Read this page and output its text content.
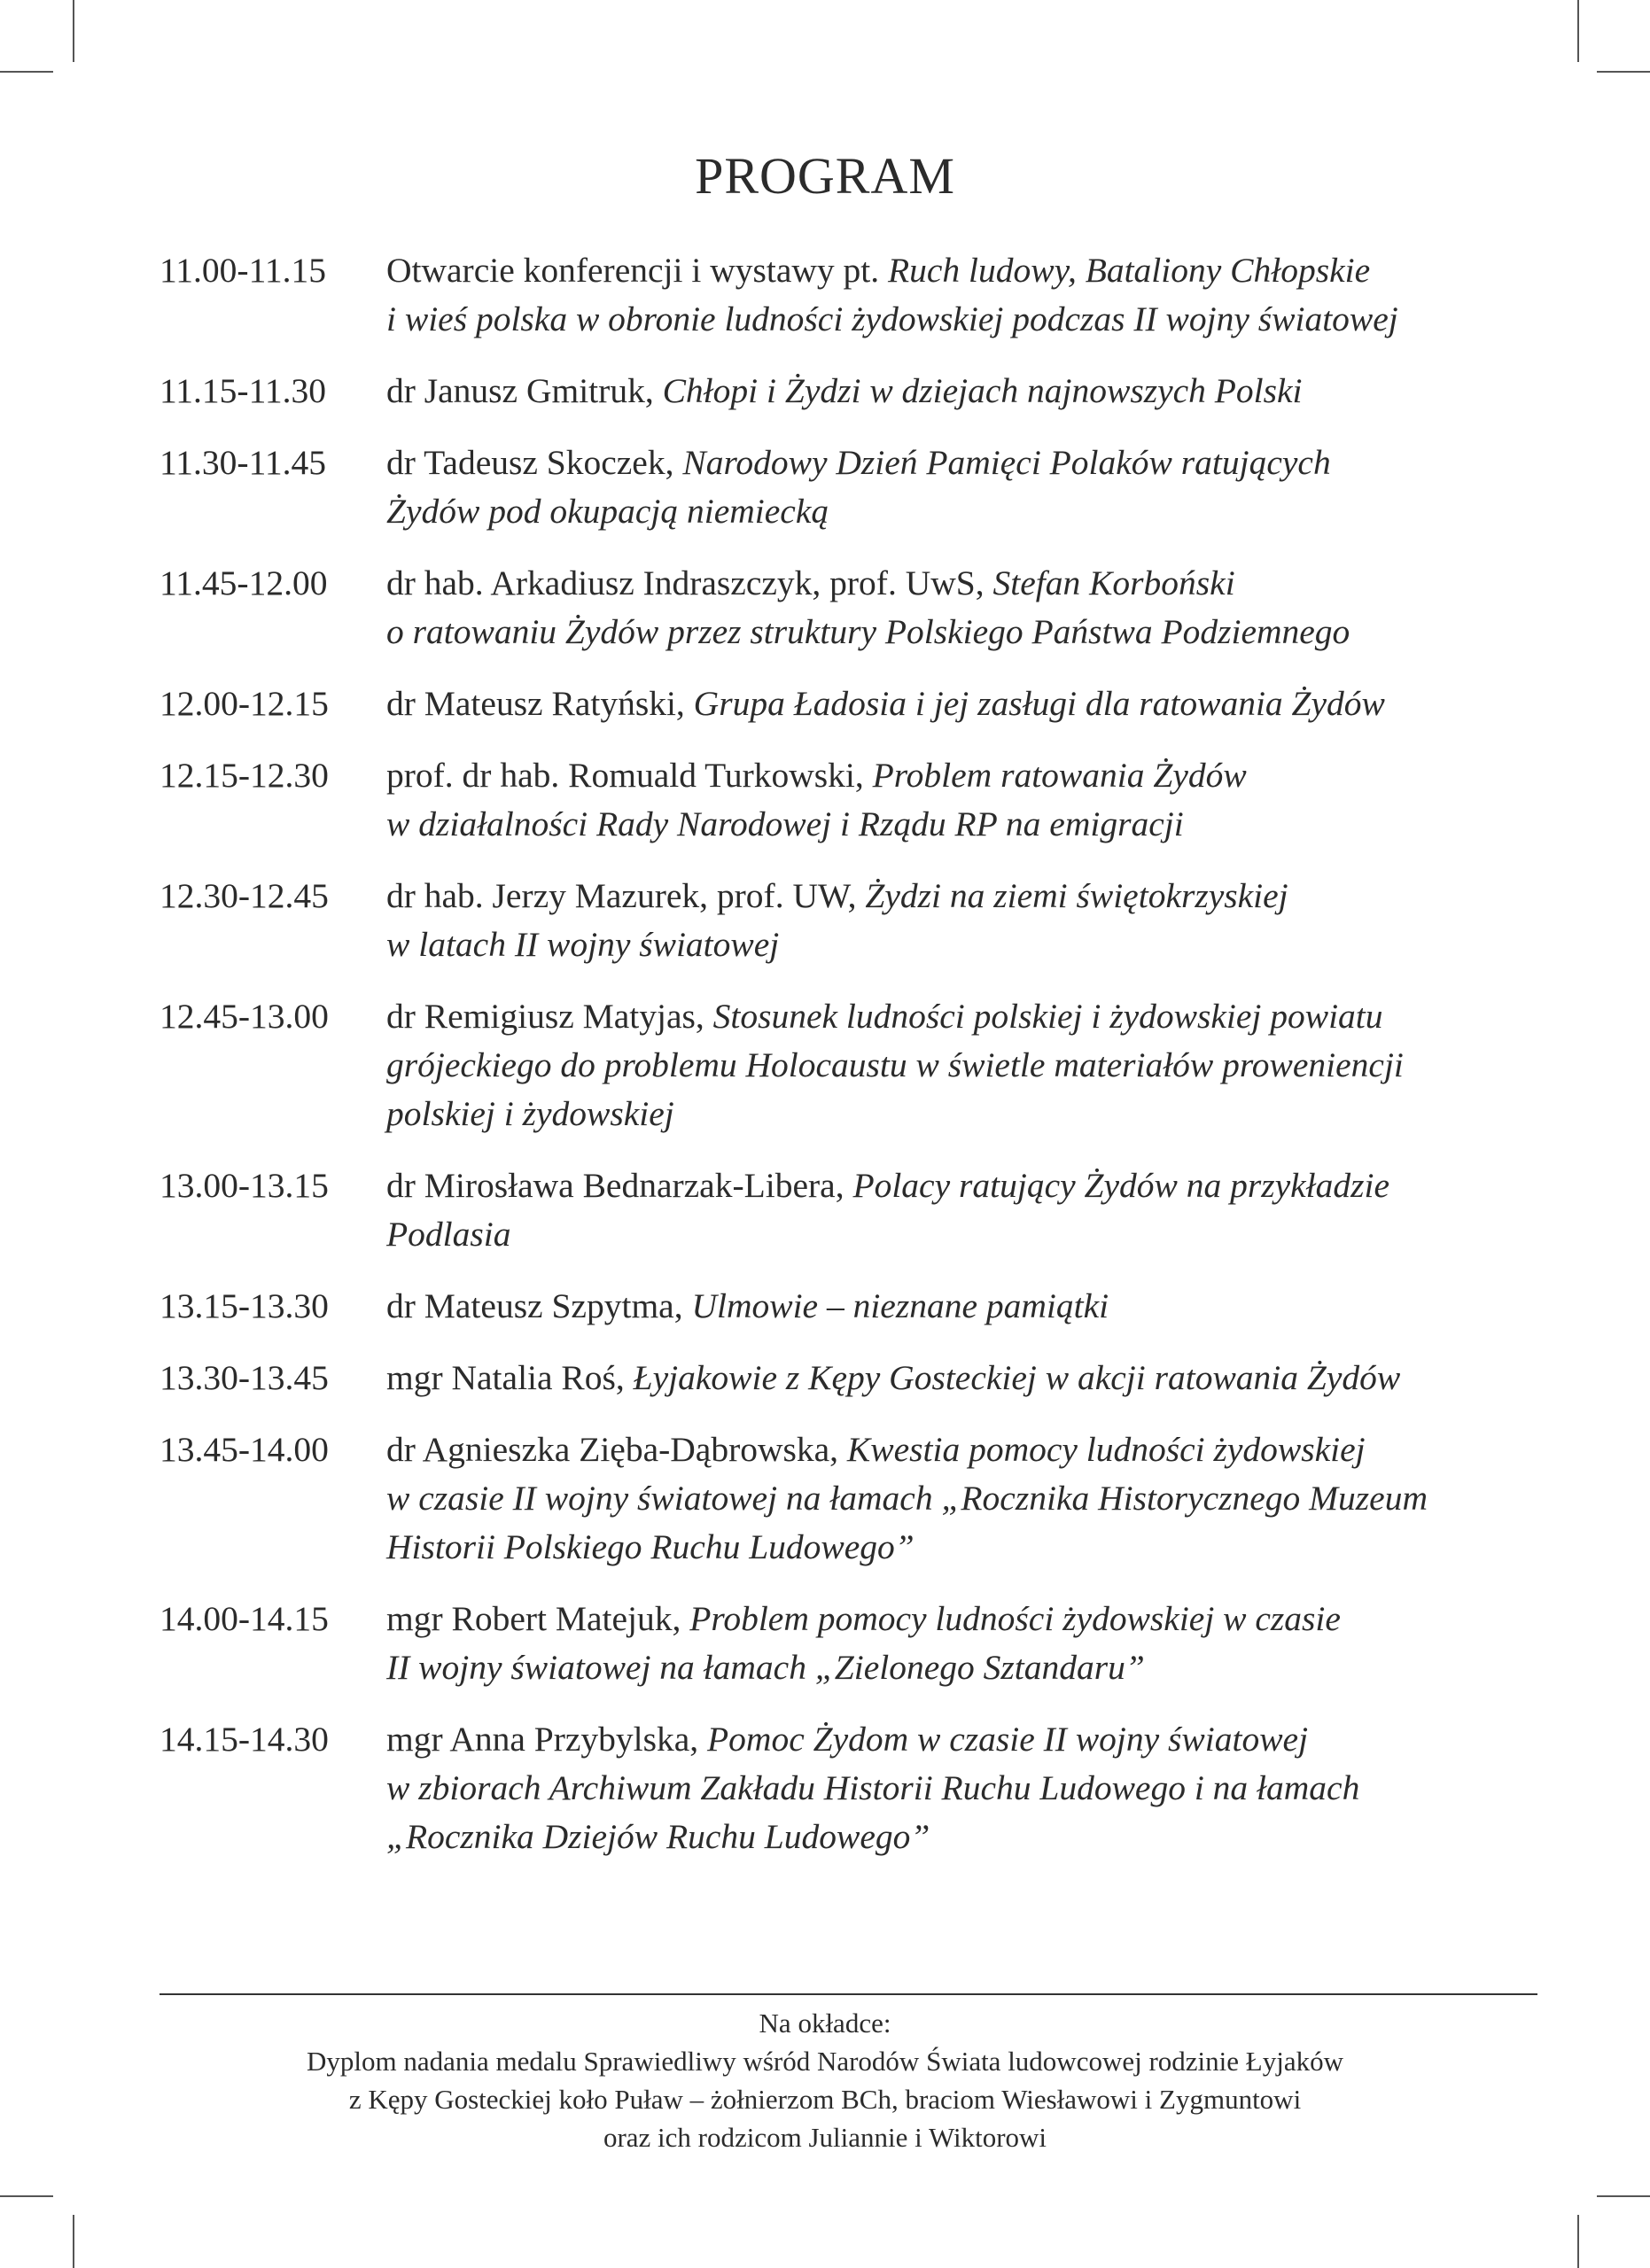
PROGRAM
11.00-11.15	Otwarcie konferencji i wystawy pt. Ruch ludowy, Bataliony Chłopskie
i wieś polska w obronie ludności żydowskiej podczas II wojny światowej
11.15-11.30	dr Janusz Gmitruk, Chłopi i Żydzi w dziejach najnowszych Polski
11.30-11.45	dr Tadeusz Skoczek, Narodowy Dzień Pamięci Polaków ratujących
Żydów pod okupacją niemiecką
11.45-12.00	dr hab. Arkadiusz Indraszczyk, prof. UwS, Stefan Korboński
o ratowaniu Żydów przez struktury Polskiego Państwa Podziemnego
12.00-12.15	dr Mateusz Ratyński, Grupa Ładosia i jej zasługi dla ratowania Żydów
12.15-12.30	prof. dr hab. Romuald Turkowski, Problem ratowania Żydów
w działalności Rady Narodowej i Rządu RP na emigracji
12.30-12.45	dr hab. Jerzy Mazurek, prof. UW, Żydzi na ziemi świętokrzyskiej
w latach II wojny światowej
12.45-13.00	dr Remigiusz Matyjas, Stosunek ludności polskiej i żydowskiej powiatu
grójeckiego do problemu Holocaustu w świetle materiałów proweniencji
polskiej i żydowskiej
13.00-13.15	dr Mirosława Bednarzak-Libera, Polacy ratujący Żydów na przykładzie
Podlasia
13.15-13.30	dr Mateusz Szpytma, Ulmowie – nieznane pamiątki
13.30-13.45	mgr Natalia Roś, Łyjakowie z Kępy Gosteckiej w akcji ratowania Żydów
13.45-14.00	dr Agnieszka Zięba-Dąbrowska, Kwestia pomocy ludności żydowskiej
w czasie II wojny światowej na łamach „Rocznika Historycznego Muzeum
Historii Polskiego Ruchu Ludowego”
14.00-14.15	mgr Robert Matejuk, Problem pomocy ludności żydowskiej w czasie
II wojny światowej na łamach „Zielonego Sztandaru”
14.15-14.30	mgr Anna Przybylska, Pomoc Żydom w czasie II wojny światowej
w zbiorach Archiwum Zakładu Historii Ruchu Ludowego i na łamach
„Rocznika Dziejów Ruchu Ludowego”
Na okładce:
Dyplom nadania medalu Sprawiedliwy wśród Narodów Świata ludowcowej rodzinie Łyjaków
z Kępy Gosteckiej koło Puław – żołnierzom BCh, braciom Wiesławowi i Zygmuntowi
oraz ich rodzicom Juliannie i Wiktorowi
